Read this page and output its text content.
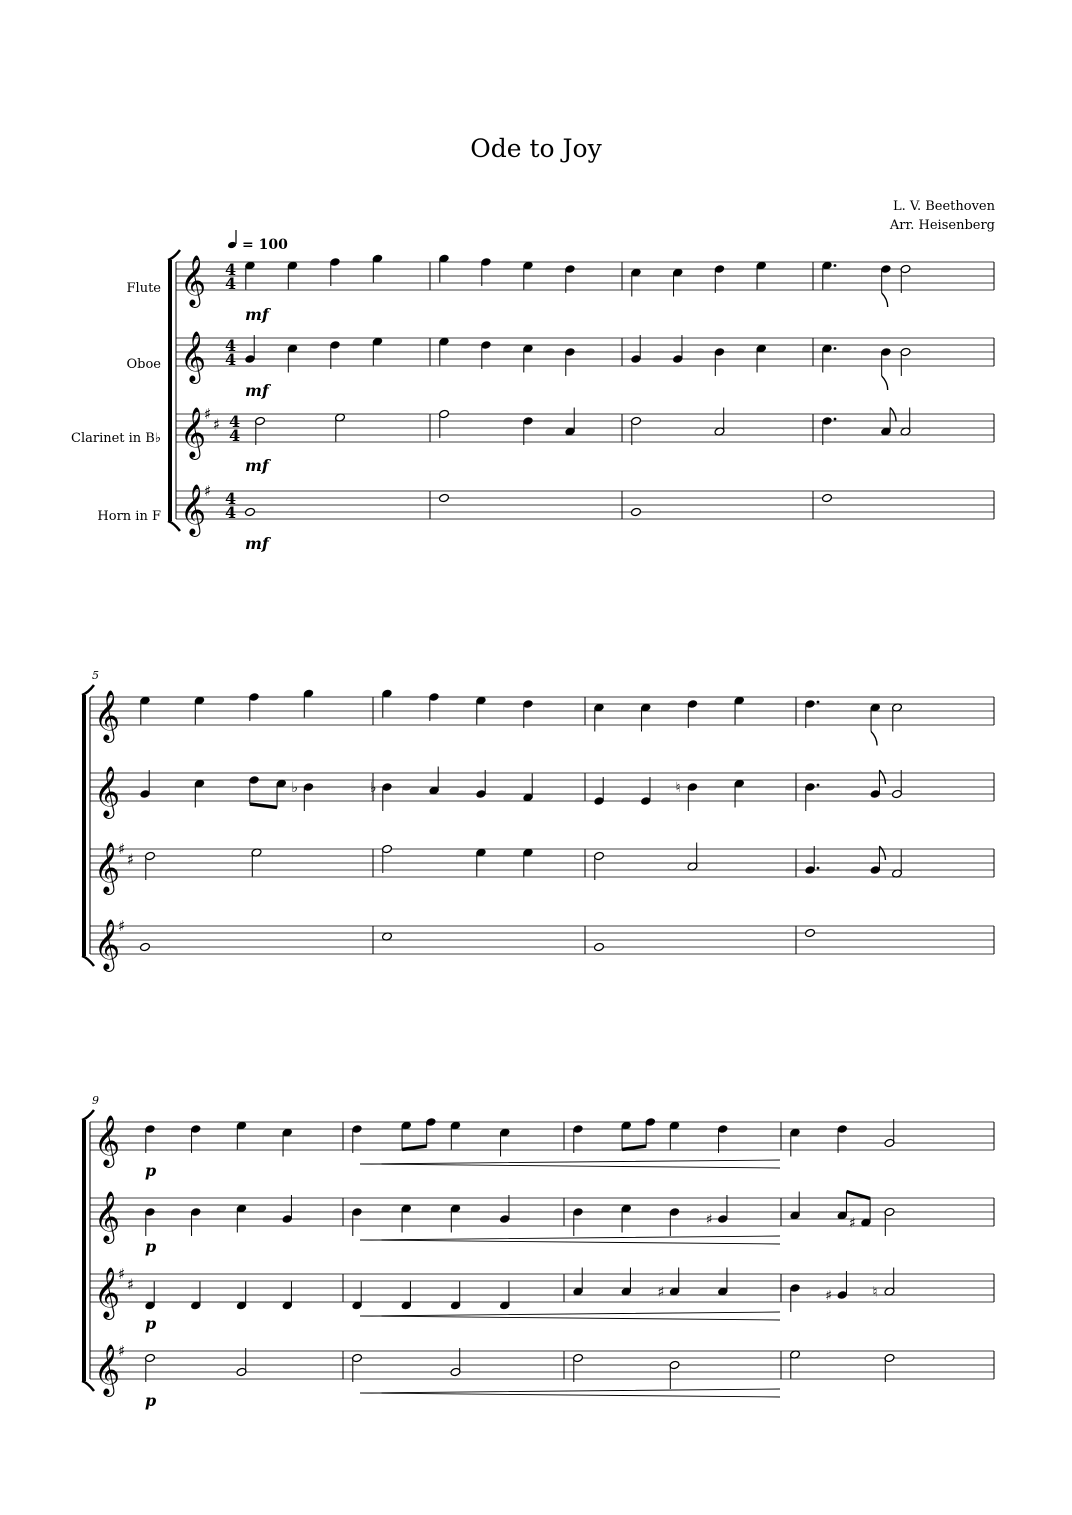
Ode to Joy
L. V. Beethoven
Arr. Heisenberg
= 100
Flute
Oboe
Clarinet in B♭
Horn in F
5
9
mf
mf
mf
mf
p
p
p
p
𝄞 4
4
𝄞 4
4
𝄞
♯
♯ 4
4
𝄞
♯ 4
4
𝄞
𝄞	♭	♭	♮
𝄞
♯
♯
𝄞
♯
𝄞
𝄞	♯	♯
𝄞
♯
♯	♯	♯	♮
𝄞
♯
